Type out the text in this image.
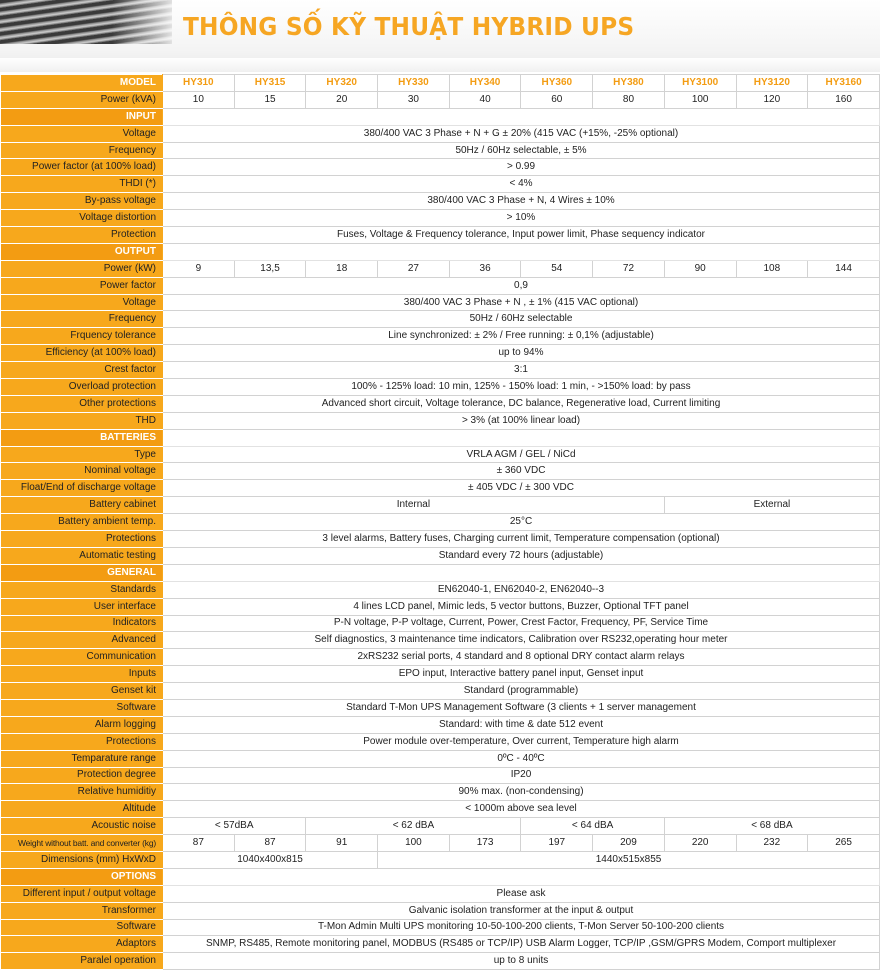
THÔNG SỐ KỸ THUẬT HYBRID UPS
MODEL	HY310	HY315	HY320	HY330	HY340	HY360	HY380	HY3100	HY3120	HY3160
Power (kVA)	10	15	20	30	40	60	80	100	120	160
INPUT										
Voltage	380/400 VAC 3 Phase + N + G ± 20% (415 VAC (+15%, -25% optional)									
Frequency	50Hz / 60Hz selectable, ± 5%									
Power factor (at 100% load)	> 0.99									
THDI (*)	< 4%									
By-pass voltage	380/400 VAC 3 Phase + N, 4 Wires ± 10%									
Voltage distortion	> 10%									
Protection	Fuses, Voltage & Frequency tolerance, Input power limit, Phase sequency indicator									
OUTPUT										
Power (kW)	9	13,5	18	27	36	54	72	90	108	144
Power factor	0,9									
Voltage	380/400 VAC 3 Phase + N , ± 1% (415 VAC optional)									
Frequency	50Hz / 60Hz selectable									
Frquency tolerance	Line synchronized: ± 2% / Free running: ± 0,1% (adjustable)									
Efficiency (at 100% load)	up to 94%									
Crest factor	3:1									
Overload protection	100% - 125% load: 10 min, 125% - 150% load: 1 min, - >150% load: by pass									
Other protections	Advanced short circuit, Voltage tolerance, DC balance, Regenerative load, Current limiting									
THD	> 3% (at 100% linear load)									
BATTERIES										
Type	VRLA AGM / GEL / NiCd									
Nominal voltage	± 360 VDC									
Float/End of discharge voltage	± 405 VDC / ± 300 VDC									
Battery cabinet	Internal							External		
Battery ambient temp.	25°C									
Protections	3 level alarms, Battery fuses, Charging current limit, Temperature compensation (optional)									
Automatic testing	Standard every 72 hours (adjustable)									
GENERAL										
Standards	EN62040-1, EN62040-2, EN62040--3									
User interface	4 lines LCD panel, Mimic leds, 5 vector buttons, Buzzer, Optional TFT panel									
Indicators	P-N voltage, P-P voltage, Current, Power, Crest Factor, Frequency, PF, Service Time									
Advanced	Self diagnostics, 3 maintenance time indicators, Calibration over RS232,operating hour meter									
Communication	2xRS232 serial ports, 4 standard and 8 optional DRY contact alarm relays									
Inputs	EPO input, Interactive battery panel input, Genset input									
Genset kit	Standard (programmable)									
Software	Standard T-Mon UPS Management Software (3 clients + 1 server management									
Alarm logging	Standard: with time & date 512 event									
Protections	Power module over-temperature, Over current, Temperature high alarm									
Temparature range	0ºC - 40ºC									
Protection degree	IP20									
Relative humiditiy	90% max. (non-condensing)									
Altitude	< 1000m above sea level									
Acoustic noise	< 57dBA		< 62 dBA			< 64 dBA		< 68 dBA		
Weight without batt. and converter (kg)	87	87	91	100	173	197	209	220	232	265
Dimensions (mm) HxWxD	1040x400x815			1440x515x855						
OPTIONS										
Different input / output voltage	Please ask									
Transformer	Galvanic isolation transformer at the input & output									
Software	T-Mon Admin Multi UPS monitoring 10-50-100-200 clients, T-Mon Server 50-100-200 clients									
Adaptors	SNMP, RS485, Remote monitoring panel, MODBUS (RS485 or TCP/IP) USB Alarm Logger, TCP/IP ,GSM/GPRS Modem, Comport multiplexer									
Paralel operation	up to 8 units									
